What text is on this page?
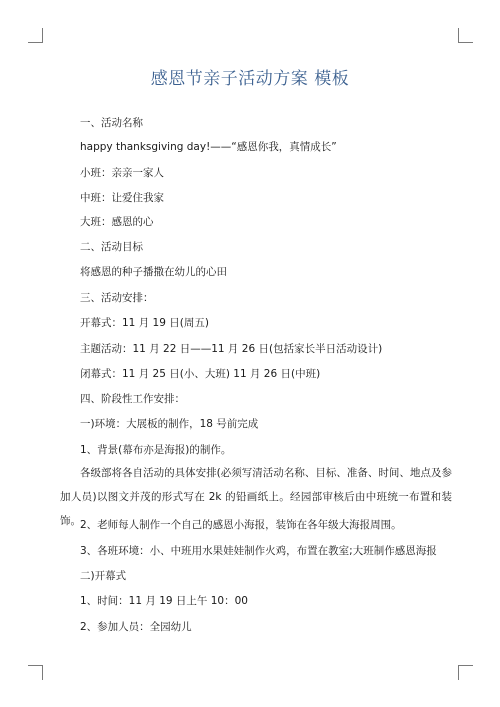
感恩节亲子活动方案 模板
一、活动名称
happy thanksgiving day!——“感恩你我，真情成长”
小班：亲亲一家人
中班：让爱住我家
大班：感恩的心
二、活动目标
将感恩的种子播撒在幼儿的心田
三、活动安排：
开幕式：11 月 19 日(周五)
主题活动：11 月 22 日——11 月 26 日(包括家长半日活动设计)
闭幕式：11 月 25 日(小、大班) 11 月 26 日(中班)
四、阶段性工作安排：
一)环境：大展板的制作，18 号前完成
1、背景(幕布亦是海报)的制作。
各级部将各自活动的具体安排(必须写清活动名称、目标、准备、时间、地点及参加人员)以图文并茂的形式写在 2k 的铅画纸上。经园部审核后由中班统一布置和装饰。 2、老师每人制作一个自己的感恩小海报，装饰在各年级大海报周围。
3、各班环境：小、中班用水果娃娃制作火鸡，布置在教室;大班制作感恩海报
二)开幕式
1、时间：11 月 19 日上午 10：00
2、参加人员：全园幼儿
